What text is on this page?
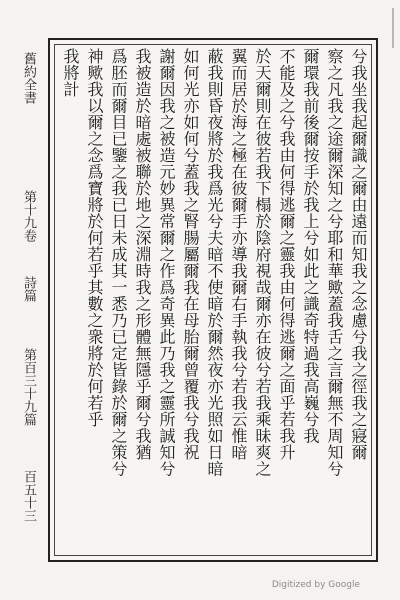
舊約全書
第十九卷
詩篇
第百三十九篇
百五十三
我將計 神歟我以爾之念爲寶將於何若乎其數之衆將於何若乎 爲胚而爾目已鑒之我已日未成其一悉乃已定皆錄於爾之策兮 我被造於暗處被聯於地之深淵時我之形體無隱乎爾兮我猶 謝爾因我之被造元妙異常爾之作爲奇異此乃我之靈所誠知兮 如何光亦如何兮蓋我之腎腸屬爾我在母胎爾曾覆我兮我祝 蔽我則昏夜將於我爲光兮夫暗不使暗於爾然夜亦光照如日暗 翼而居於海之極在彼爾手亦導我爾右手執我兮若我云惟暗 於天爾則在彼若我下榻於陰府視哉爾亦在彼兮若我乘昧爽之 不能及之兮我由何得逃爾之靈我由何得逃爾之面乎若我升 爾環我前後爾按手於我上兮如此之識奇特過我高巍兮我 察之凡我之途爾深知之兮耶和華歟蓋我舌之言爾無不周知兮 兮我坐我起爾識之爾由遠而知我之念慮兮我之徑我之寢爾
Digitized by Google
